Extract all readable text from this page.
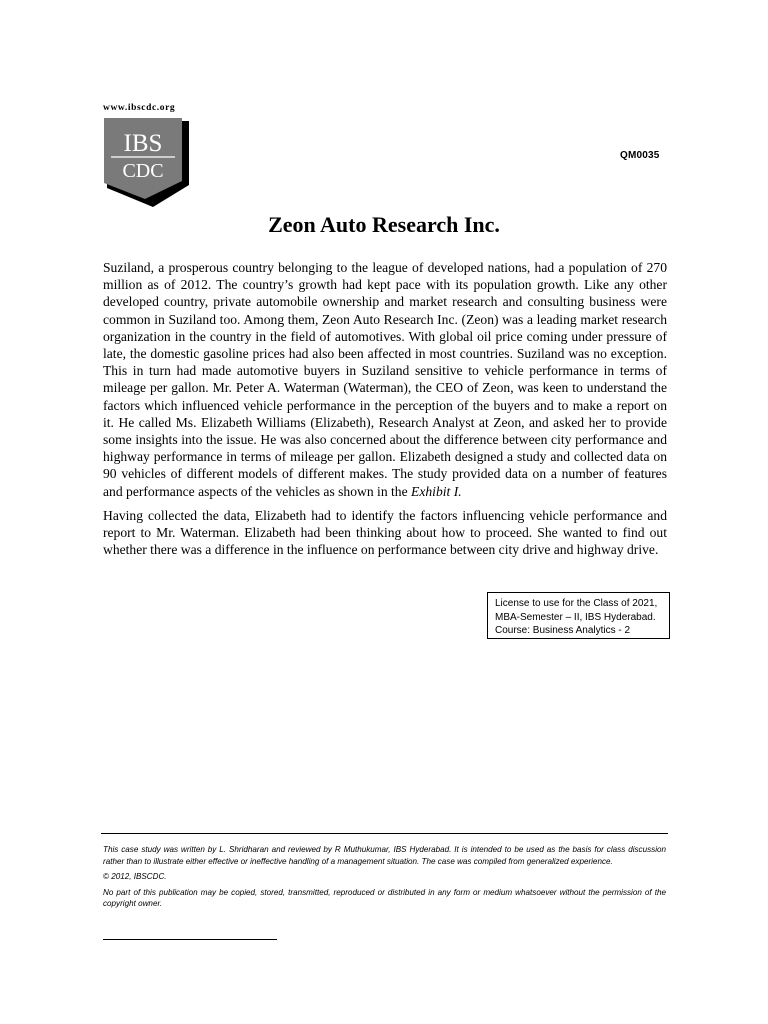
www.ibscdc.org
IBS
CDC
QM0035
Zeon Auto Research Inc.

Suziland, a prosperous country belonging to the league of developed nations, had a population of 270 million as of 2012. The country’s growth had kept pace with its population growth. Like any other developed country, private automobile ownership and market research and consulting business were common in Suziland too. Among them, Zeon Auto Research Inc. (Zeon) was a leading market research organization in the country in the field of automotives. With global oil price coming under pressure of late, the domestic gasoline prices had also been affected in most countries. Suziland was no exception. This in turn had made automotive buyers in Suziland sensitive to vehicle performance in terms of mileage per gallon. Mr. Peter A. Waterman (Waterman), the CEO of Zeon, was keen to understand the factors which influenced vehicle performance in the perception of the buyers and to make a report on it. He called Ms. Elizabeth Williams (Elizabeth), Research Analyst at Zeon, and asked her to provide some insights into the issue. He was also concerned about the difference between city performance and highway performance in terms of mileage per gallon. Elizabeth designed a study and collected data on 90 vehicles of different models of different makes. The study provided data on a number of features and performance aspects of the vehicles as shown in the Exhibit I.

Having collected the data, Elizabeth had to identify the factors influencing vehicle performance and report to Mr. Waterman. Elizabeth had been thinking about how to proceed. She wanted to find out whether there was a difference in the influence on performance between city drive and highway drive.

License to use for the Class of 2021,
MBA-Semester – II, IBS Hyderabad.
Course: Business Analytics - 2

This case study was written by L. Shridharan and reviewed by R Muthukumar, IBS Hyderabad. It is intended to be used as the basis for class discussion rather than to illustrate either effective or ineffective handling of a management situation. The case was compiled from generalized experience.

© 2012, IBSCDC.

No part of this publication may be copied, stored, transmitted, reproduced or distributed in any form or medium whatsoever without the permission of the copyright owner.
